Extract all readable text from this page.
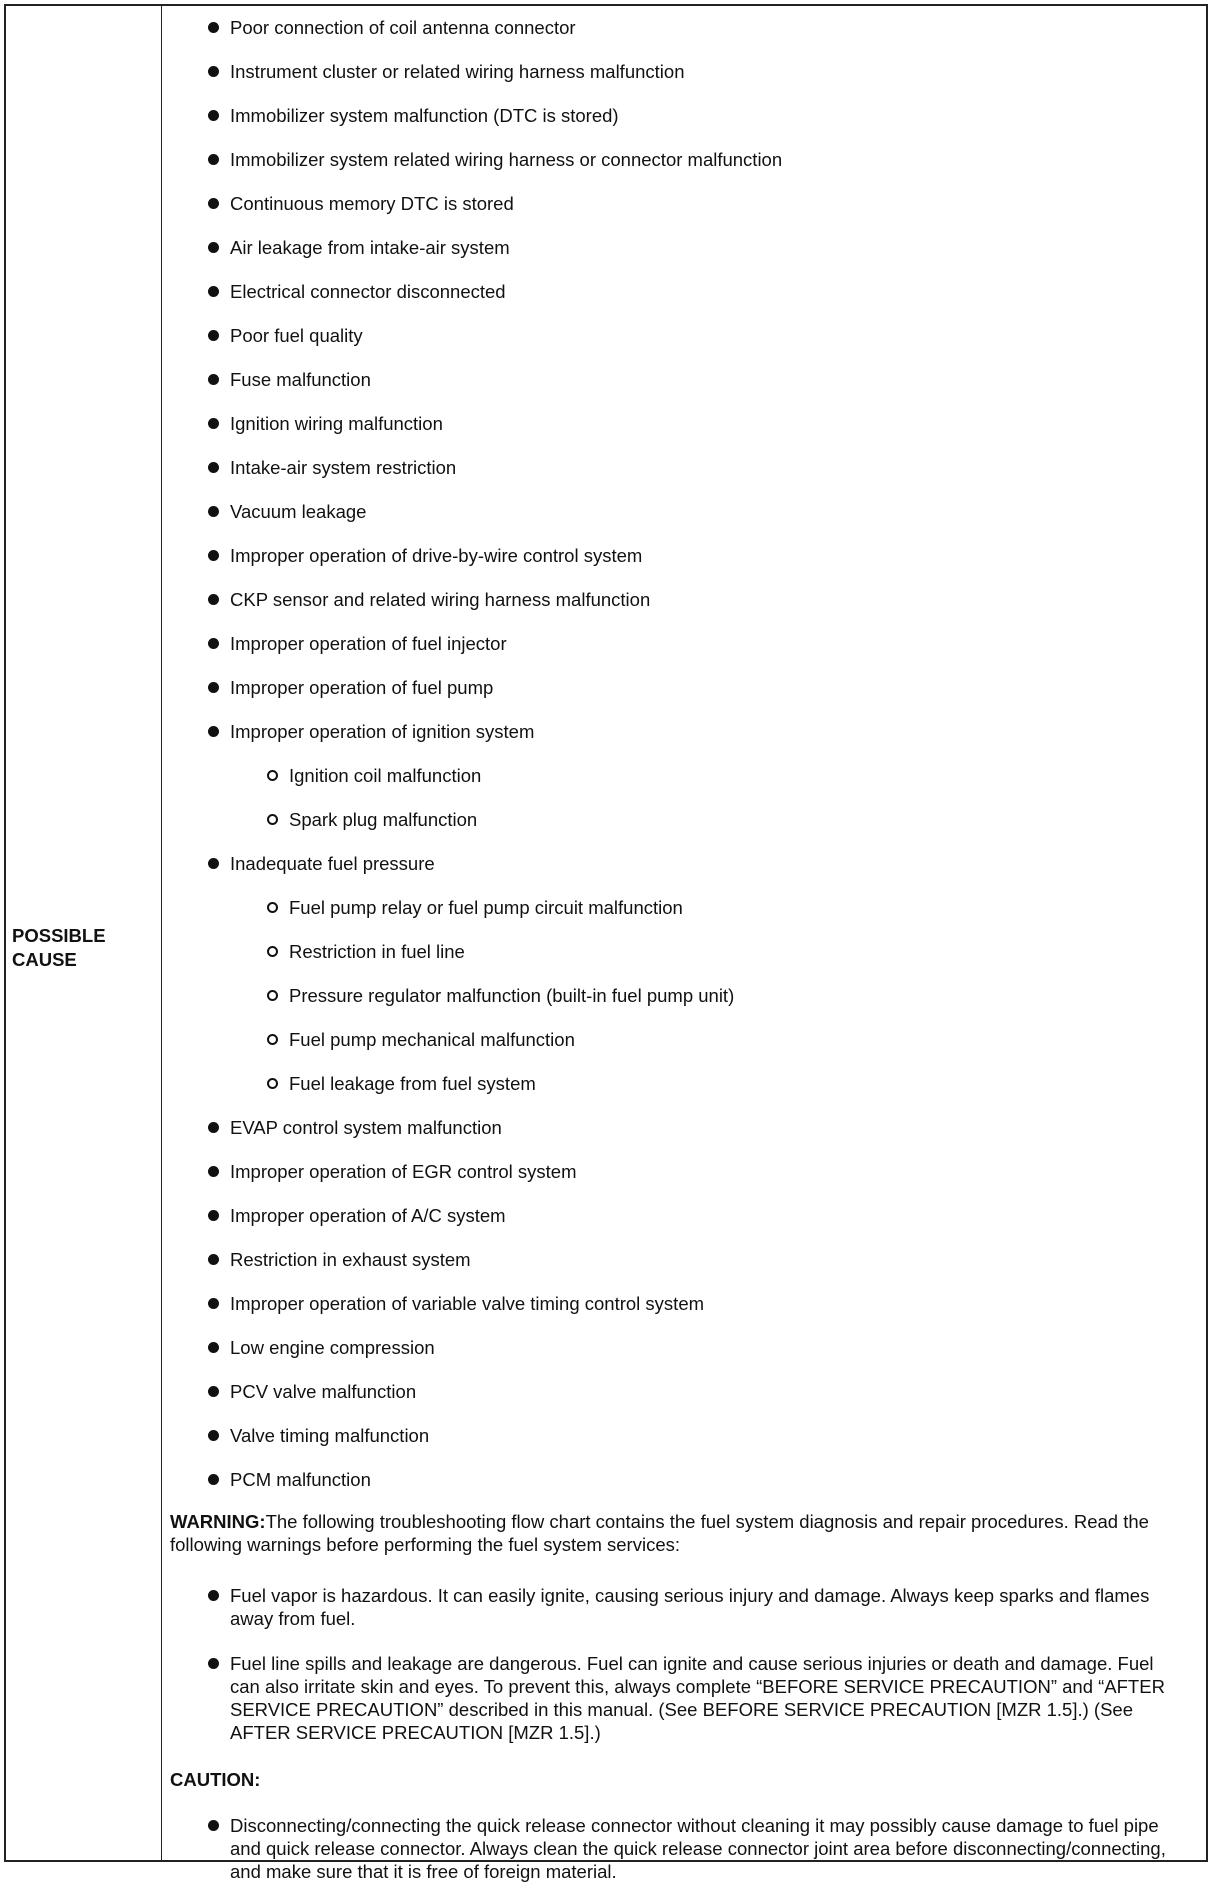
POSSIBLE
CAUSE
Poor connection of coil antenna connector
Instrument cluster or related wiring harness malfunction
Immobilizer system malfunction (DTC is stored)
Immobilizer system related wiring harness or connector malfunction
Continuous memory DTC is stored
Air leakage from intake-air system
Electrical connector disconnected
Poor fuel quality
Fuse malfunction
Ignition wiring malfunction
Intake-air system restriction
Vacuum leakage
Improper operation of drive-by-wire control system
CKP sensor and related wiring harness malfunction
Improper operation of fuel injector
Improper operation of fuel pump
Improper operation of ignition system
Ignition coil malfunction
Spark plug malfunction
Inadequate fuel pressure
Fuel pump relay or fuel pump circuit malfunction
Restriction in fuel line
Pressure regulator malfunction (built-in fuel pump unit)
Fuel pump mechanical malfunction
Fuel leakage from fuel system
EVAP control system malfunction
Improper operation of EGR control system
Improper operation of A/C system
Restriction in exhaust system
Improper operation of variable valve timing control system
Low engine compression
PCV valve malfunction
Valve timing malfunction
PCM malfunction
WARNING:The following troubleshooting flow chart contains the fuel system diagnosis and repair procedures. Read the following warnings before performing the fuel system services:
Fuel vapor is hazardous. It can easily ignite, causing serious injury and damage. Always keep sparks and flames away from fuel.
Fuel line spills and leakage are dangerous. Fuel can ignite and cause serious injuries or death and damage. Fuel can also irritate skin and eyes. To prevent this, always complete “BEFORE SERVICE PRECAUTION” and “AFTER SERVICE PRECAUTION” described in this manual. (See BEFORE SERVICE PRECAUTION [MZR 1.5].) (See AFTER SERVICE PRECAUTION [MZR 1.5].)
CAUTION:
Disconnecting/connecting the quick release connector without cleaning it may possibly cause damage to fuel pipe and quick release connector. Always clean the quick release connector joint area before disconnecting/connecting, and make sure that it is free of foreign material.
